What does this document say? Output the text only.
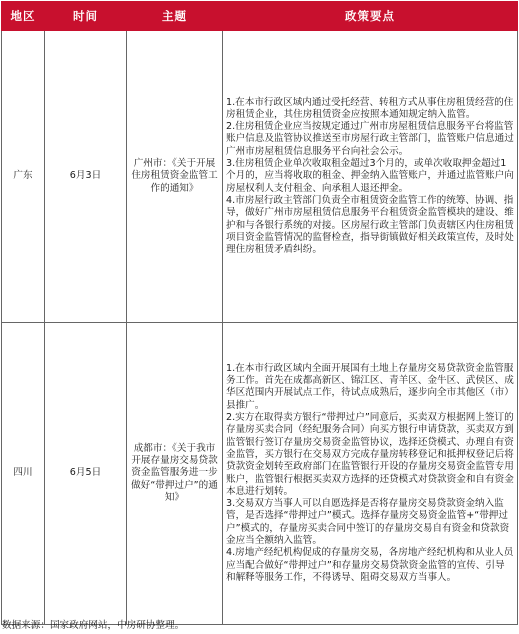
地区	时间	主题	政策要点
广东	6月3日	广州市：《关于开展住房租赁资金监管工作的通知》	1.在本市行政区域内通过受托经营、转租方式从事住房租赁经营的住房租赁企业，其住房租赁资金应按照本通知规定纳入监管。

2.住房租赁企业应当按规定通过广州市房屋租赁信息服务平台将监管账户信息及监管协议推送至市房屋行政主管部门，监管账户信息通过广州市房屋租赁信息服务平台向社会公示。

3.住房租赁企业单次收取租金超过3个月的，或单次收取押金超过1个月的，应当将收取的租金、押金纳入监管账户，并通过监管账户向房屋权利人支付租金、向承租人退还押金。

4.市房屋行政主管部门负责全市租赁资金监管工作的统筹、协调、指导，做好广州市房屋租赁信息服务平台租赁资金监管模块的建设、维护和与各银行系统的对接。区房屋行政主管部门负责辖区内住房租赁项目资金监管情况的监督检查，指导街镇做好相关政策宣传，及时处理住房租赁矛盾纠纷。

四川	6月5日	成都市：《关于我市开展存量房交易贷款资金监管服务进一步做好“带押过户”的通知》	1.在本市行政区域内全面开展国有土地上存量房交易贷款资金监管服务工作。首先在成都高新区、锦江区、青羊区、金牛区、武侯区、成华区范围内开展试点工作，待试点成熟后，逐步向全市其他区（市）县推广。

2.实方在取得卖方银行“带押过户”同意后，买卖双方根据网上签订的存量房买卖合同（经纪服务合同）向买方银行申请贷款，买卖双方到监管银行签订存量房交易资金监管协议，选择还贷模式、办理自有资金监管，买方银行在交易双方完成存量房转移登记和抵押权登记后将贷款资金划转至政府部门在监管银行开设的存量房交易资金监管专用账户，监管银行根据买卖双方选择的还贷模式对贷款资金和自有资金本息进行划转。

3.交易双方当事人可以自愿选择是否将存量房交易贷款资金纳入监管，是否选择“带押过户”模式。选择存量房交易资金监管+“带押过户”模式的，存量房买卖合同中签订的存量房交易自有资金和贷款资金应当全额纳入监管。

4.房地产经纪机构促成的存量房交易，各房地产经纪机构和从业人员应当配合做好“带押过户”和存量房交易贷款资金监管的宣传、引导和解释等服务工作，不得诱导、阻碍交易双方当事人。

数据来源：国家政府网站，中房研协整理。
